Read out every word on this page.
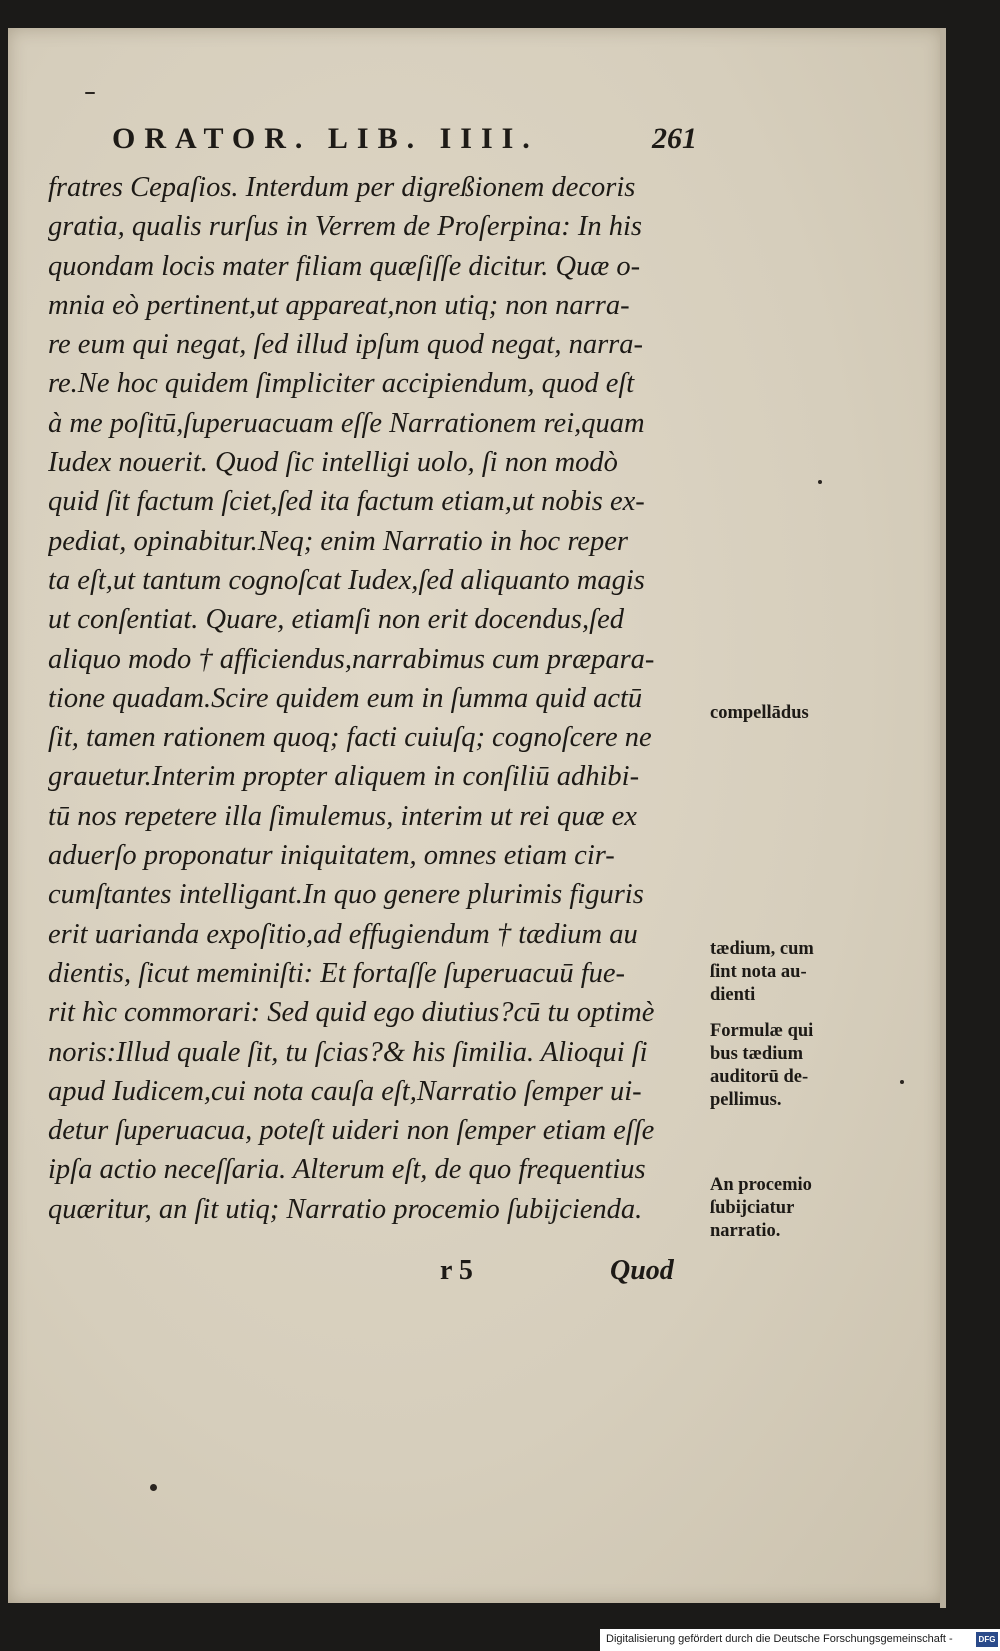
ORATOR. LIB. IIII.	261
fratres Cepaſios. Interdum per digreßionem decoris
gratia, qualis rurſus in Verrem de Proſerpina: In his
quondam locis mater filiam quæſiſſe dicitur. Quæ o-
mnia eò pertinent,ut appareat,non utiq; non narra-
re eum qui negat, ſed illud ipſum quod negat, narra-
re.Ne hoc quidem ſimpliciter accipiendum, quod eſt
à me poſitū,ſuperuacuam eſſe Narrationem rei,quam
Iudex nouerit. Quod ſic intelligi uolo, ſi non modò
quid ſit factum ſciet,ſed ita factum etiam,ut nobis ex-
pediat, opinabitur.Neq; enim Narratio in hoc reper
ta eſt,ut tantum cognoſcat Iudex,ſed aliquanto magis
ut conſentiat. Quare, etiamſi non erit docendus,ſed
aliquo modo † afficiendus,narrabimus cum præpara-
tione quadam.Scire quidem eum in ſumma quid actū
ſit, tamen rationem quoq; facti cuiuſq; cognoſcere ne
grauetur.Interim propter aliquem in conſiliū adhibi-
tū nos repetere illa ſimulemus, interim ut rei quæ ex
aduerſo proponatur iniquitatem, omnes etiam cir-
cumſtantes intelligant.In quo genere plurimis figuris
erit uarianda expoſitio,ad effugiendum † tædium au
dientis, ſicut meminiſti: Et fortaſſe ſuperuacuū fue-
rit hìc commorari: Sed quid ego diutius?cū tu optimè
noris:Illud quale ſit, tu ſcias?& his ſimilia. Alioqui ſi
apud Iudicem,cui nota cauſa eſt,Narratio ſemper ui-
detur ſuperuacua, poteſt uideri non ſemper etiam eſſe
ipſa actio neceſſaria. Alterum eſt, de quo frequentius
quæritur, an ſit utiq; Narratio procemio ſubijcienda.
r 5	Quod
compellādus
tædium, cum
ſint nota au-
dienti
Formulæ qui
bus tædium
auditorū de-
pellimus.
An procemio
ſubijciatur
narratio.
Digitalisierung gefördert durch die Deutsche Forschungsgemeinschaft -	DFG
